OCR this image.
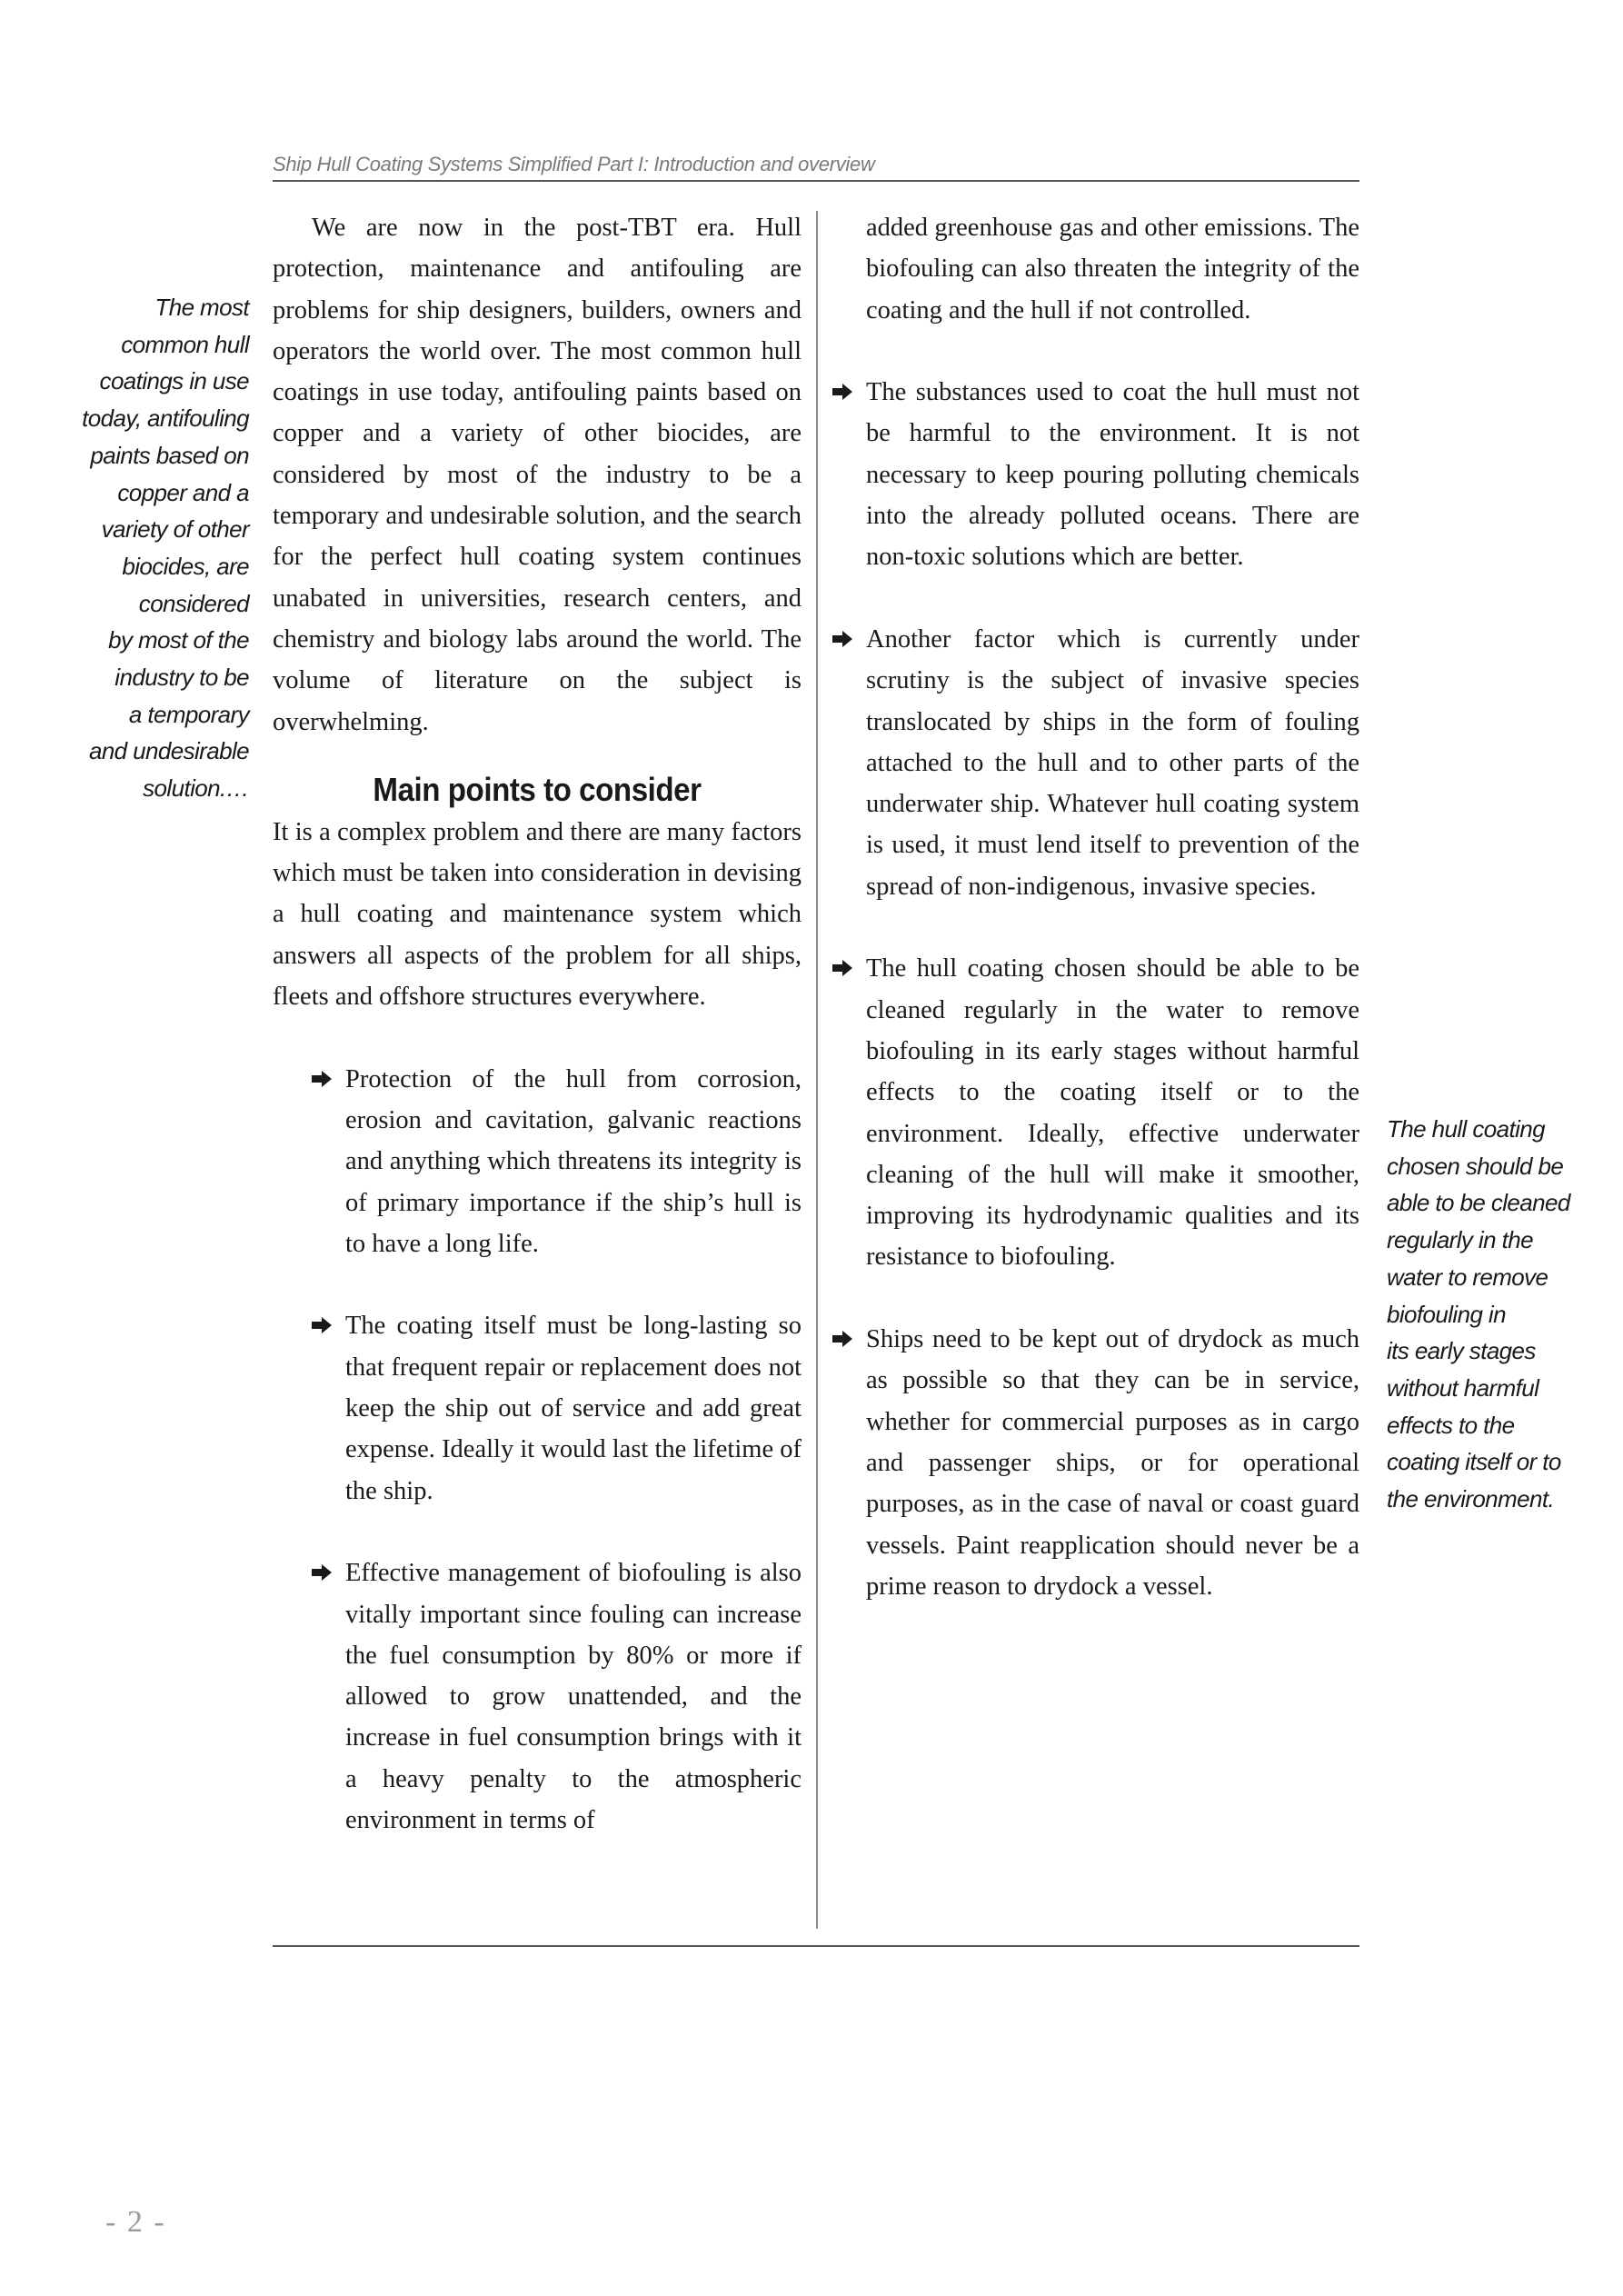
Ship Hull Coating Systems Simplified Part I: Introduction and overview
The most
common hull
coatings in use
today, antifouling
paints based on
copper and a
variety of other
biocides, are
considered
by most of the
industry to be
a temporary
and undesirable
solution.…

We are now in the post-TBT era. Hull protection, maintenance and antifouling are problems for ship designers, builders, owners and operators the world over. The most common hull coatings in use today, antifouling paints based on copper and a variety of other biocides, are considered by most of the industry to be a temporary and undesirable solution, and the search for the perfect hull coating system continues unabated in universities, research centers, and chemistry and biology labs around the world. The volume of literature on the subject is overwhelming.

Main points to consider

It is a complex problem and there are many factors which must be taken into consideration in devising a hull coating and maintenance system which answers all aspects of the problem for all ships, fleets and offshore structures everywhere.

Protection of the hull from corrosion, erosion and cavitation, galvanic reactions and anything which threatens its integrity is of primary importance if the ship’s hull is to have a long life.
The coating itself must be long-lasting so that frequent repair or replacement does not keep the ship out of service and add great expense. Ideally it would last the lifetime of the ship.
Effective management of biofouling is also vitally important since fouling can increase the fuel consumption by 80% or more if allowed to grow unattended, and the increase in fuel consumption brings with it a heavy penalty to the atmospheric environment in terms of
added greenhouse gas and other emissions. The biofouling can also threaten the integrity of the coating and the hull if not controlled.
The substances used to coat the hull must not be harmful to the environment. It is not necessary to keep pouring polluting chemicals into the already polluted oceans. There are non-toxic solutions which are better.
Another factor which is currently under scrutiny is the subject of invasive species translocated by ships in the form of fouling attached to the hull and to other parts of the underwater ship. Whatever hull coating system is used, it must lend itself to prevention of the spread of non-indigenous, invasive species.
The hull coating chosen should be able to be cleaned regularly in the water to remove biofouling in its early stages without harmful effects to the coating itself or to the environment. Ideally, effective underwater cleaning of the hull will make it smoother, improving its hydrodynamic qualities and its resistance to biofouling.
Ships need to be kept out of drydock as much as possible so that they can be in service, whether for commercial purposes as in cargo and passenger ships, or for operational purposes, as in the case of naval or coast guard vessels. Paint reapplication should never be a prime reason to drydock a vessel.
The hull coating
chosen should be
able to be cleaned
regularly in the
water to remove
biofouling in
its early stages
without harmful
effects to the
coating itself or to
the environment.
- 2 -
